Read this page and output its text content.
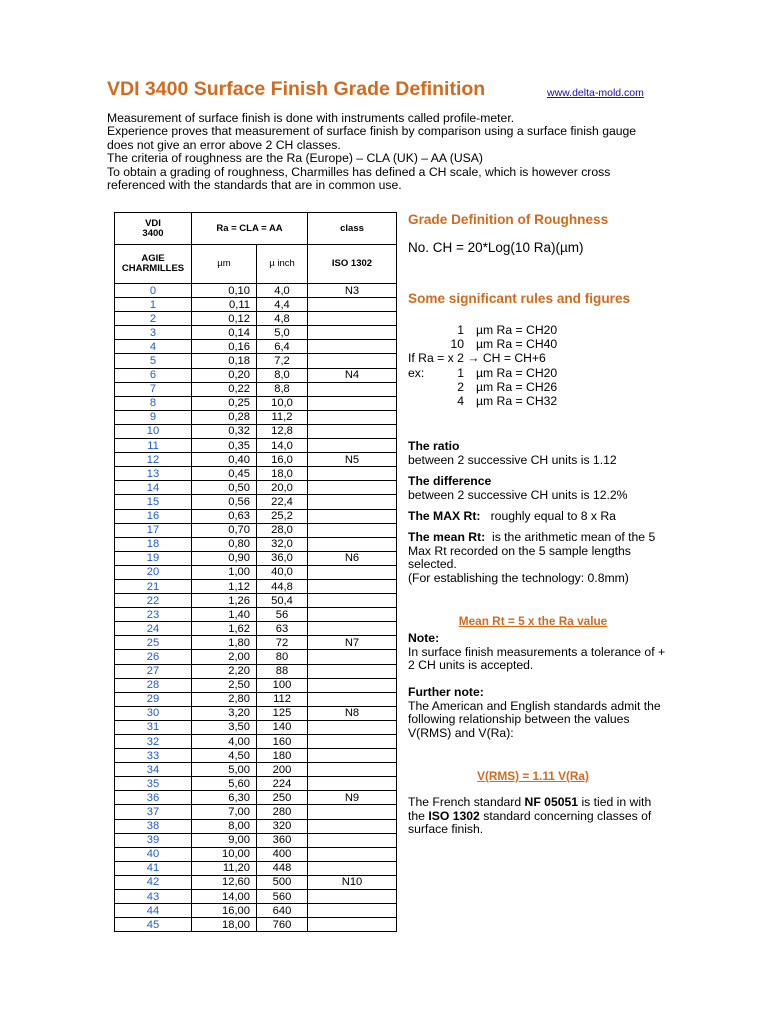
VDI 3400 Surface Finish Grade Definition	www.delta-mold.com

Measurement of surface finish is done with instruments called profile-meter.

Experience proves that measurement of surface finish by comparison using a surface finish gauge does not give an error above 2 CH classes.

The criteria of roughness are the Ra (Europe) – CLA (UK) – AA (USA)

To obtain a grading of roughness, Charmilles has defined a CH scale, which is however cross referenced with the standards that are in common use.

VDI
3400	Ra = CLA = AA		class
AGIE
CHARMILLES	µm	µ inch	ISO 1302
0	0,10	4,0	N3
1	0,11	4,4	
2	0,12	4,8	
3	0,14	5,0	
4	0,16	6,4	
5	0,18	7,2	
6	0,20	8,0	N4
7	0,22	8,8	
8	0,25	10,0	
9	0,28	11,2	
10	0,32	12,8	
11	0,35	14,0	
12	0,40	16,0	N5
13	0,45	18,0	
14	0,50	20,0	
15	0,56	22,4	
16	0,63	25,2	
17	0,70	28,0	
18	0,80	32,0	
19	0,90	36,0	N6
20	1,00	40,0	
21	1,12	44,8	
22	1,26	50,4	
23	1,40	56	
24	1,62	63	
25	1,80	72	N7
26	2,00	80	
27	2,20	88	
28	2,50	100	
29	2,80	112	
30	3,20	125	N8
31	3,50	140	
32	4,00	160	
33	4,50	180	
34	5,00	200	
35	5,60	224	
36	6,30	250	N9
37	7,00	280	
38	8,00	320	
39	9,00	360	
40	10,00	400	
41	11,20	448	
42	12,60	500	N10
43	14,00	560	
44	16,00	640	
45	18,00	760	
Grade Definition of Roughness
No. CH = 20*Log(10 Ra)(µm)
Some significant rules and figures
1 µm Ra = CH20
10 µm Ra = CH40
If Ra = x 2 → CH = CH+6
ex:	1 µm Ra = CH20
2 µm Ra = CH26
4 µm Ra = CH32

The ratio

between 2 successive CH units is 1.12

The difference

between 2 successive CH units is 12.2%

The MAX Rt: roughly equal to 8 x Ra

The mean Rt: is the arithmetic mean of the 5 Max Rt recorded on the 5 sample lengths selected.

(For establishing the technology: 0.8mm)

Mean Rt = 5 x the Ra value

Note:

In surface finish measurements a tolerance of + 2 CH units is accepted.

Further note:

The American and English standards admit the following relationship between the values V(RMS) and V(Ra):

V(RMS) = 1.11 V(Ra)

The French standard NF 05051 is tied in with the ISO 1302 standard concerning classes of surface finish.
